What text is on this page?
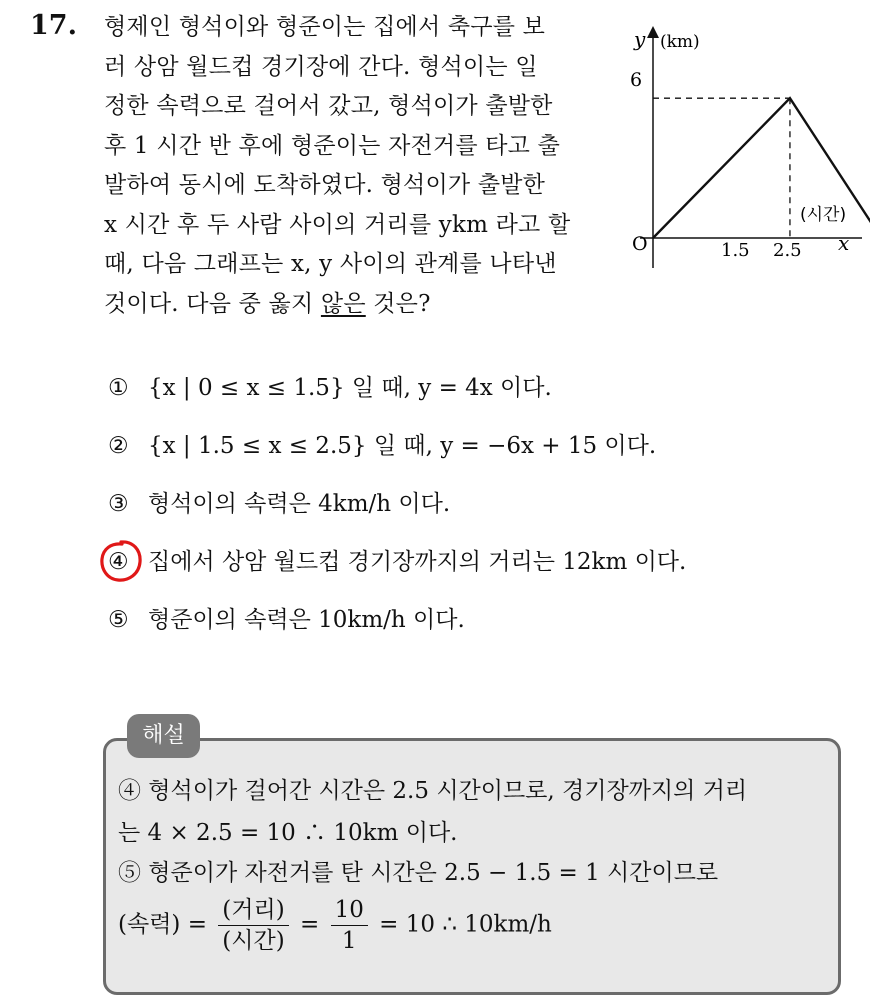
17. 형제인 형석이와 형준이는 집에서 축구를 보
러 상암 월드컵 경기장에 간다. 형석이는 일
정한 속력으로 걸어서 갔고, 형석이가 출발한
후 1 시간 반 후에 형준이는 자전거를 타고 출
발하여 동시에 도착하였다. 형석이가 출발한
x 시간 후 두 사람 사이의 거리를 ykm 라고 할
때, 다음 그래프는 x, y 사이의 관계를 나타낸
것이다. 다음 중 옳지 않은 것은?
y (km)
6
O	1.5 2.5 x
(시간)
① {x | 0 ≤ x ≤ 1.5} 일 때, y = 4x 이다.
② {x | 1.5 ≤ x ≤ 2.5} 일 때, y = −6x + 15 이다.
③ 형석이의 속력은 4km/h 이다.
④ 집에서 상암 월드컵 경기장까지의 거리는 12km 이다.
⑤ 형준이의 속력은 10km/h 이다.
해설
④ 형석이가 걸어간 시간은 2.5 시간이므로, 경기장까지의 거리
는 4 × 2.5 = 10 ∴ 10km 이다.
⑤ 형준이가 자전거를 탄 시간은 2.5 − 1.5 = 1 시간이므로
(속력) = $\frac{\text{(거리)}}{\text{(시간)}} = \frac{10}{1} = 10$ ∴ 10km/h
